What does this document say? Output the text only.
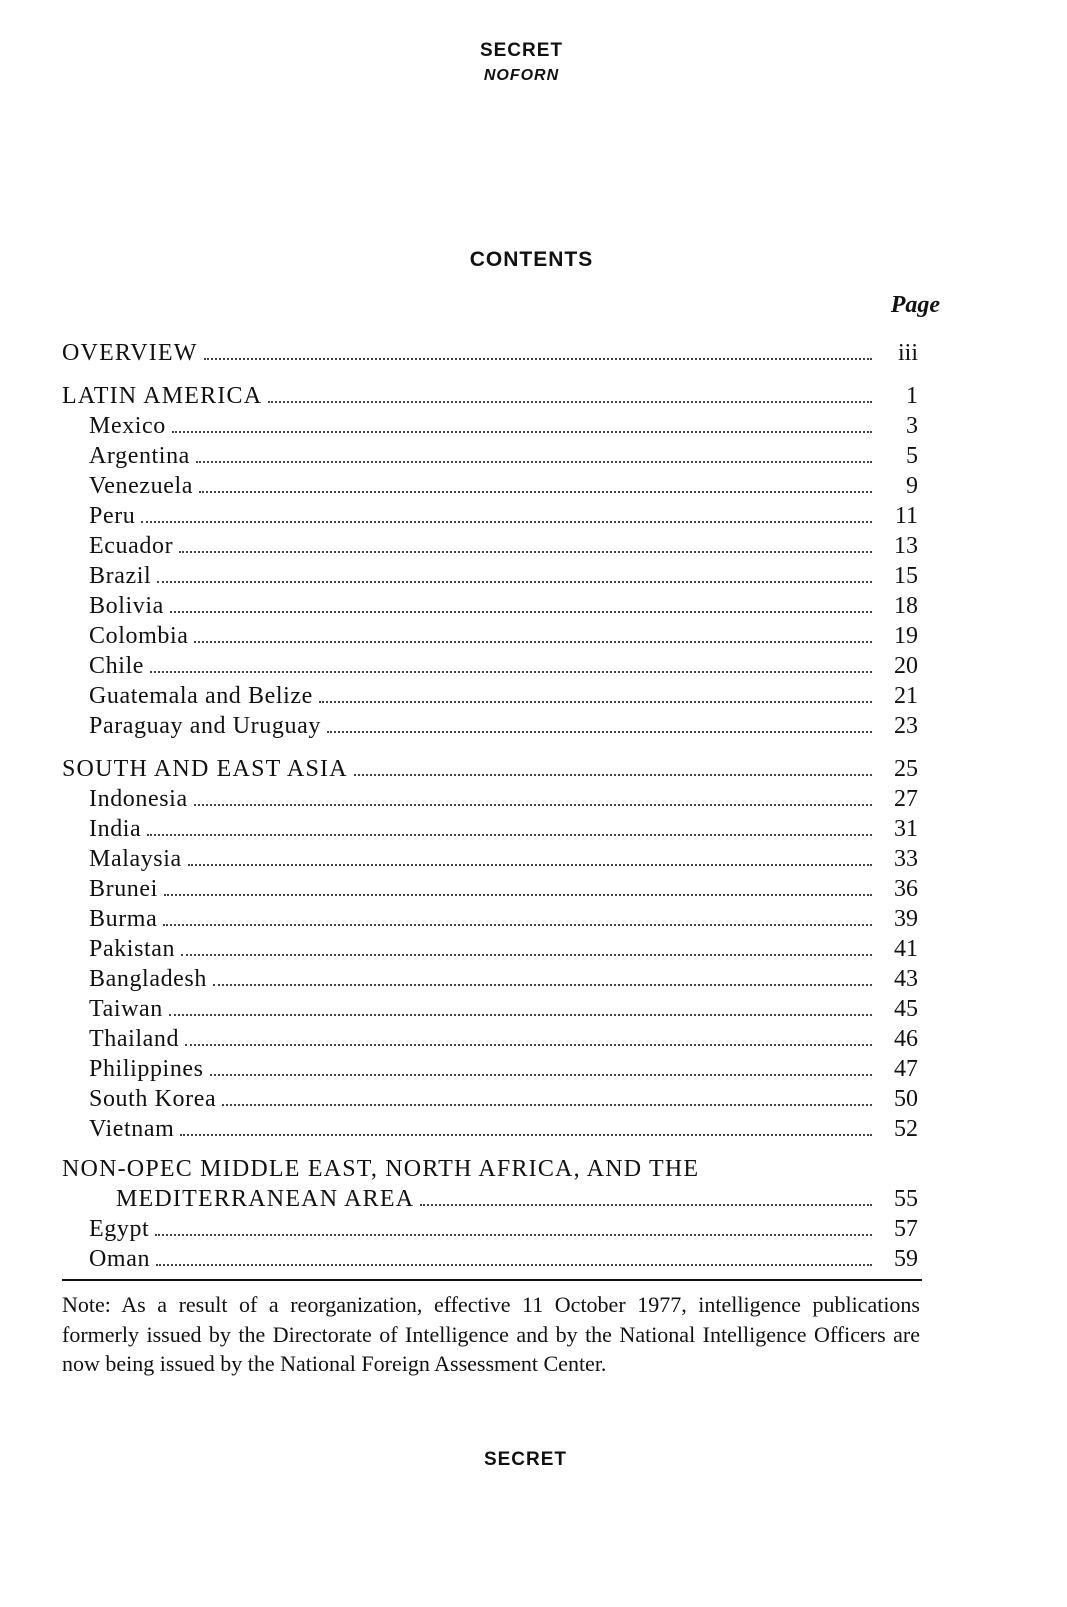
SECRET
NOFORN
CONTENTS
Page
OVERVIEW	iii
LATIN AMERICA	1
Mexico	3
Argentina	5
Venezuela	9
Peru	11
Ecuador	13
Brazil	15
Bolivia	18
Colombia	19
Chile	20
Guatemala and Belize	21
Paraguay and Uruguay	23
SOUTH AND EAST ASIA	25
Indonesia	27
India	31
Malaysia	33
Brunei	36
Burma	39
Pakistan	41
Bangladesh	43
Taiwan	45
Thailand	46
Philippines	47
South Korea	50
Vietnam	52
NON-OPEC MIDDLE EAST, NORTH AFRICA, AND THE
MEDITERRANEAN AREA	55
Egypt	57
Oman	59
Note: As a result of a reorganization, effective 11 October 1977, intelligence publications formerly issued by the Directorate of Intelligence and by the National Intelligence Officers are now being issued by the National Foreign Assessment Center.
SECRET
